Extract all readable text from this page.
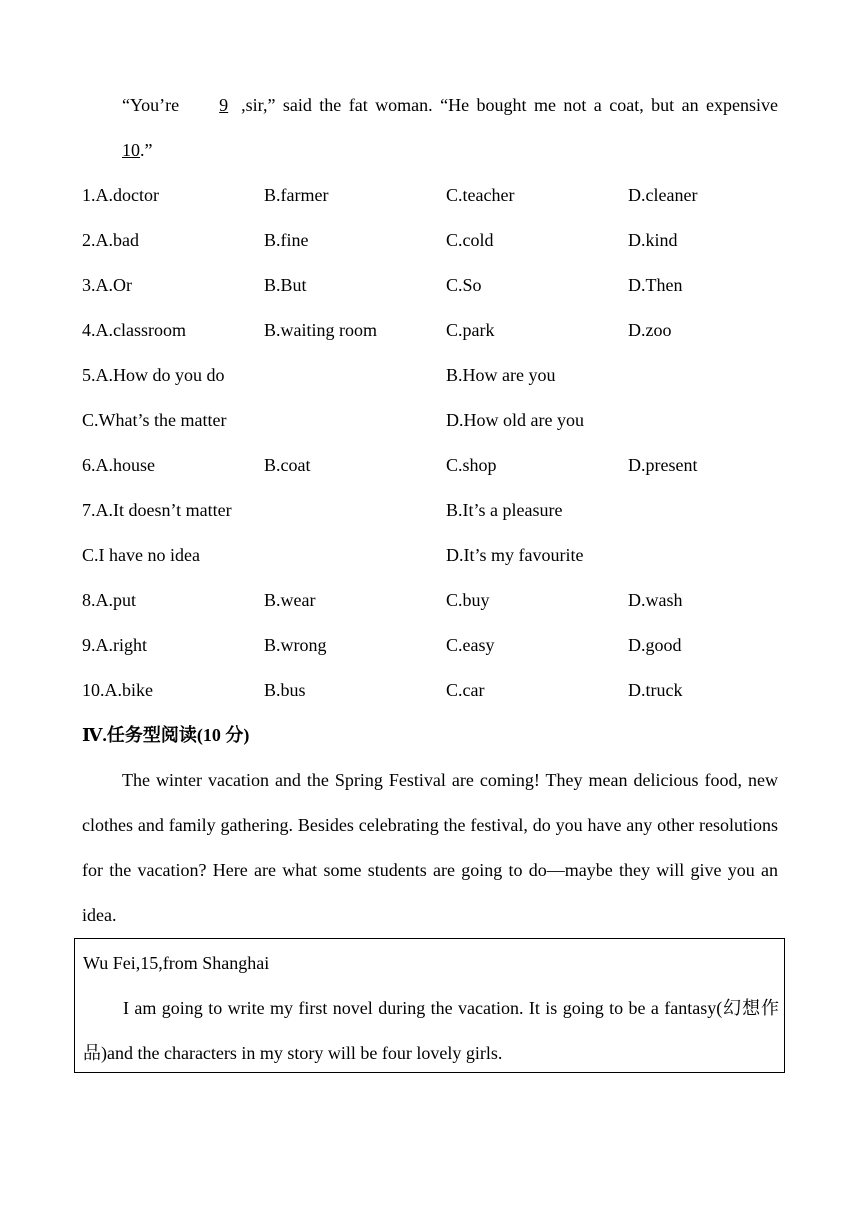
“You’re 9 ,sir,” said the fat woman. “He bought me not a coat, but an expensive10.”
1.A.doctor	B.farmer	C.teacher	D.cleaner
2.A.bad	B.fine	C.cold	D.kind
3.A.Or	B.But	C.So	D.Then
4.A.classroom	B.waiting room	C.park	D.zoo
5.A.How do you do	B.How are you
C.What’s the matter	D.How old are you
6.A.house	B.coat	C.shop	D.present
7.A.It doesn’t matter	B.It’s a pleasure
C.I have no idea	D.It’s my favourite
8.A.put	B.wear	C.buy	D.wash
9.A.right	B.wrong	C.easy	D.good
10.A.bike	B.bus	C.car	D.truck
Ⅳ.任务型阅读(10 分)
The winter vacation and the Spring Festival are coming! They mean delicious food, new clothes and family gathering. Besides celebrating the festival, do you have any other resolutions for the vacation? Here are what some students are going to do—maybe they will give you an idea.
Wu Fei,15,from Shanghai
I am going to write my first novel during the vacation. It is going to be a fantasy(幻想作品)and the characters in my story will be four lovely girls.
